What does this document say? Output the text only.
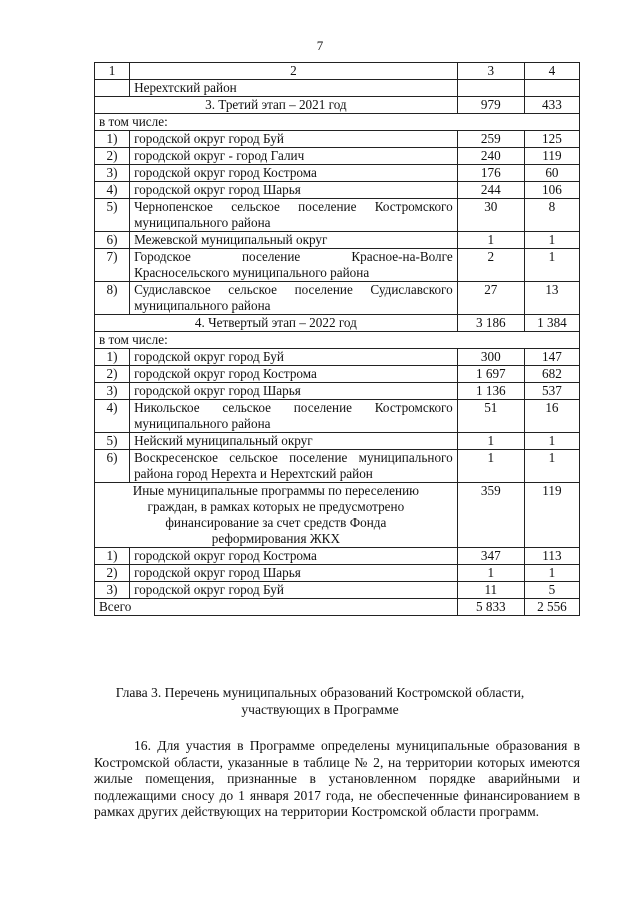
7
1	2	3	4
	Нерехтский район		
3. Третий этап – 2021 год		979	433
в том числе:			
1)	городской округ город Буй	259	125
2)	городской округ - город Галич	240	119
3)	городской округ город Кострома	176	60
4)	городской округ город Шарья	244	106
5)	Чернопенское сельское поселение Костромского муниципального района	30	8
6)	Межевской муниципальный округ	1	1
7)	Городское поселение Красное-на-Волге Красносельского муниципального района	2	1
8)	Судиславское сельское поселение Судиславского муниципального района	27	13
4. Четвертый этап – 2022 год		3 186	1 384
в том числе:			
1)	городской округ город Буй	300	147
2)	городской округ город Кострома	1 697	682
3)	городской округ город Шарья	1 136	537
4)	Никольское сельское поселение Костромского муниципального района	51	16
5)	Нейский муниципальный округ	1	1
6)	Воскресенское сельское поселение муниципального района город Нерехта и Нерехтский район	1	1
Иные муниципальные программы по переселению граждан, в рамках которых не предусмотрено финансирование за счет средств Фонда реформирования ЖКХ		359	119
1)	городской округ город Кострома	347	113
2)	городской округ город Шарья	1	1
3)	городской округ город Буй	11	5
Всего		5 833	2 556
Глава 3. Перечень муниципальных образований Костромской области,
участвующих в Программе
16. Для участия в Программе определены муниципальные образования в Костромской области, указанные в таблице № 2, на территории которых имеются жилые помещения, признанные в установленном порядке аварийными и подлежащими сносу до 1 января 2017 года, не обеспеченные финансированием в рамках других действующих на территории Костромской области программ.
